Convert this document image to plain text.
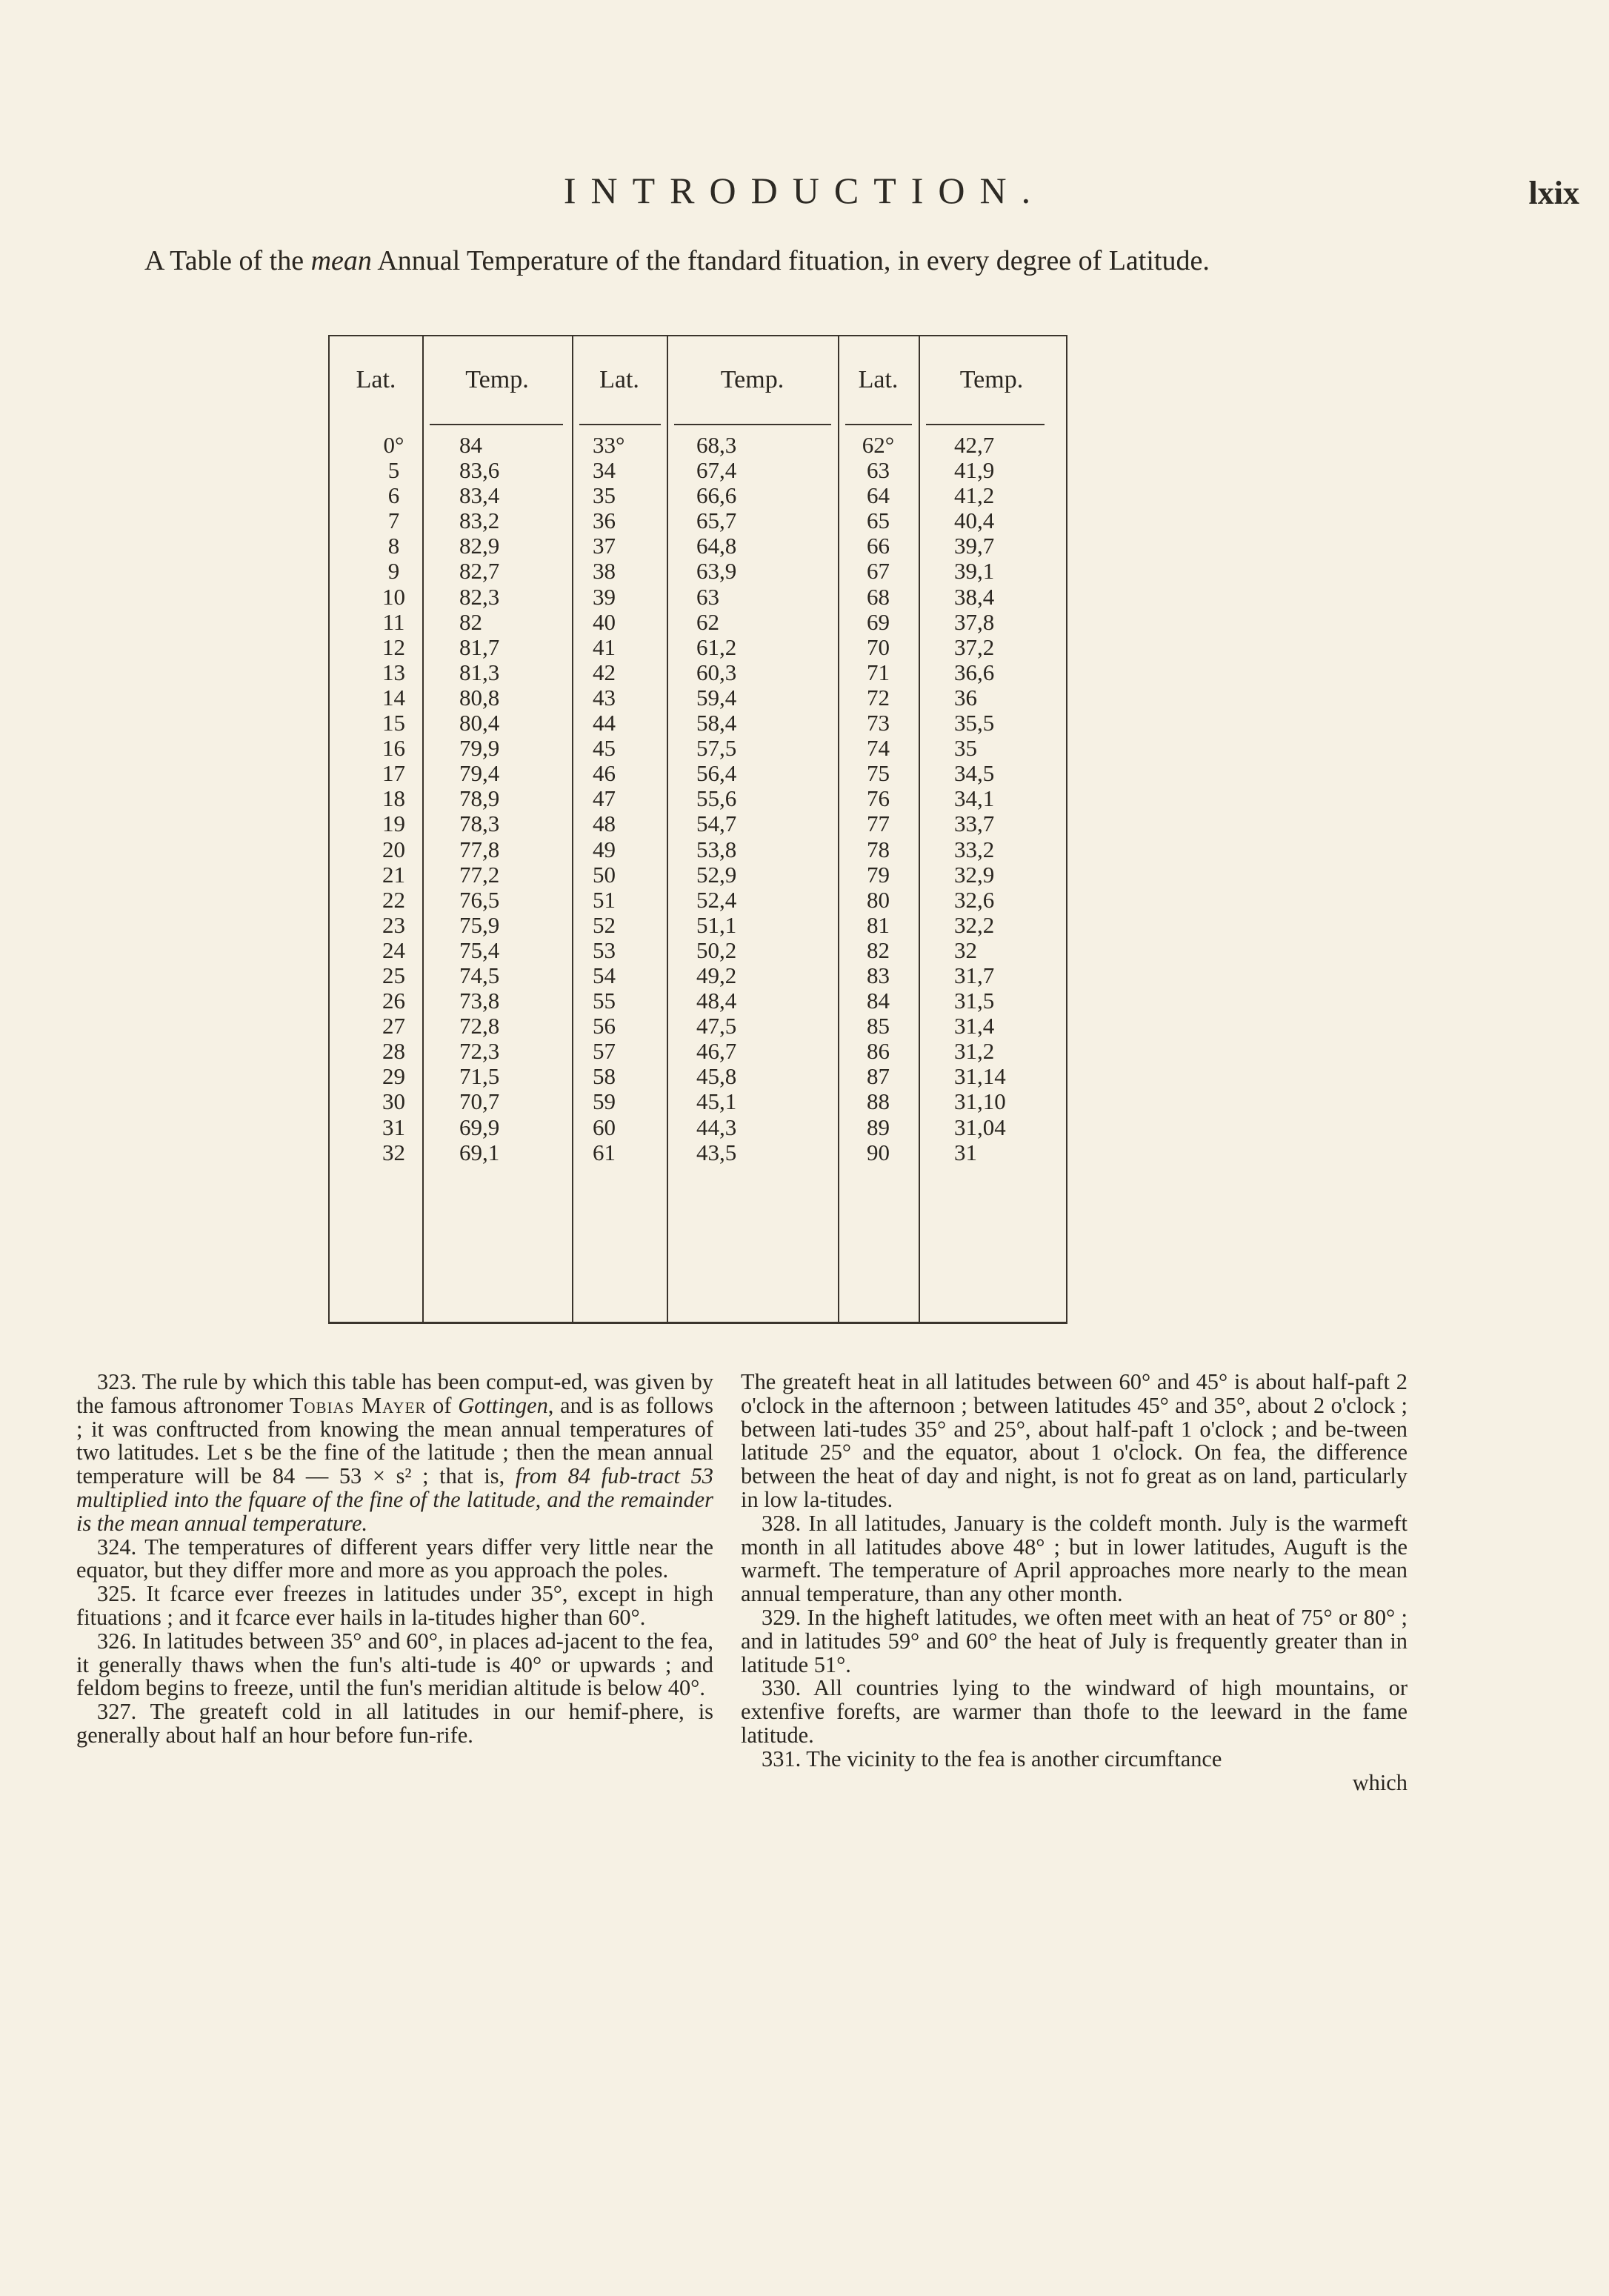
INTRODUCTION.	lxix
A Table of the mean Annual Temperature of the ftandard fituation, in every degree of Latitude.
Lat.
0°
5
6
7
8
9
10
11
12
13
14
15
16
17
18
19
20
21
22
23
24
25
26
27
28
29
30
31
32
Temp.
84
83,6
83,4
83,2
82,9
82,7
82,3
82
81,7
81,3
80,8
80,4
79,9
79,4
78,9
78,3
77,8
77,2
76,5
75,9
75,4
74,5
73,8
72,8
72,3
71,5
70,7
69,9
69,1
Lat.
33°
34
35
36
37
38
39
40
41
42
43
44
45
46
47
48
49
50
51
52
53
54
55
56
57
58
59
60
61
Temp.
68,3
67,4
66,6
65,7
64,8
63,9
63
62
61,2
60,3
59,4
58,4
57,5
56,4
55,6
54,7
53,8
52,9
52,4
51,1
50,2
49,2
48,4
47,5
46,7
45,8
45,1
44,3
43,5
Lat.
62°
63
64
65
66
67
68
69
70
71
72
73
74
75
76
77
78
79
80
81
82
83
84
85
86
87
88
89
90
Temp.
42,7
41,9
41,2
40,4
39,7
39,1
38,4
37,8
37,2
36,6
36
35,5
35
34,5
34,1
33,7
33,2
32,9
32,6
32,2
32
31,7
31,5
31,4
31,2
31,14
31,10
31,04
31

323. The rule by which this table has been comput-ed, was given by the famous aftronomer Tobias Mayer of Gottingen, and is as follows ; it was conftructed from knowing the mean annual temperatures of two latitudes. Let s be the fine of the latitude ; then the mean annual temperature will be 84 — 53 × s² ; that is, from 84 fub-tract 53 multiplied into the fquare of the fine of the latitude, and the remainder is the mean annual temperature.

324. The temperatures of different years differ very little near the equator, but they differ more and more as you approach the poles.

325. It fcarce ever freezes in latitudes under 35°, except in high fituations ; and it fcarce ever hails in la-titudes higher than 60°.

326. In latitudes between 35° and 60°, in places ad-jacent to the fea, it generally thaws when the fun's alti-tude is 40° or upwards ; and feldom begins to freeze, until the fun's meridian altitude is below 40°.

327. The greateft cold in all latitudes in our hemif-phere, is generally about half an hour before fun-rife.

The greateft heat in all latitudes between 60° and 45° is about half-paft 2 o'clock in the afternoon ; between latitudes 45° and 35°, about 2 o'clock ; between lati-tudes 35° and 25°, about half-paft 1 o'clock ; and be-tween latitude 25° and the equator, about 1 o'clock. On fea, the difference between the heat of day and night, is not fo great as on land, particularly in low la-titudes.

328. In all latitudes, January is the coldeft month. July is the warmeft month in all latitudes above 48° ; but in lower latitudes, Auguft is the warmeft. The temperature of April approaches more nearly to the mean annual temperature, than any other month.

329. In the higheft latitudes, we often meet with an heat of 75° or 80° ; and in latitudes 59° and 60° the heat of July is frequently greater than in latitude 51°.

330. All countries lying to the windward of high mountains, or extenfive forefts, are warmer than thofe to the leeward in the fame latitude.

331. The vicinity to the fea is another circumftance

which
